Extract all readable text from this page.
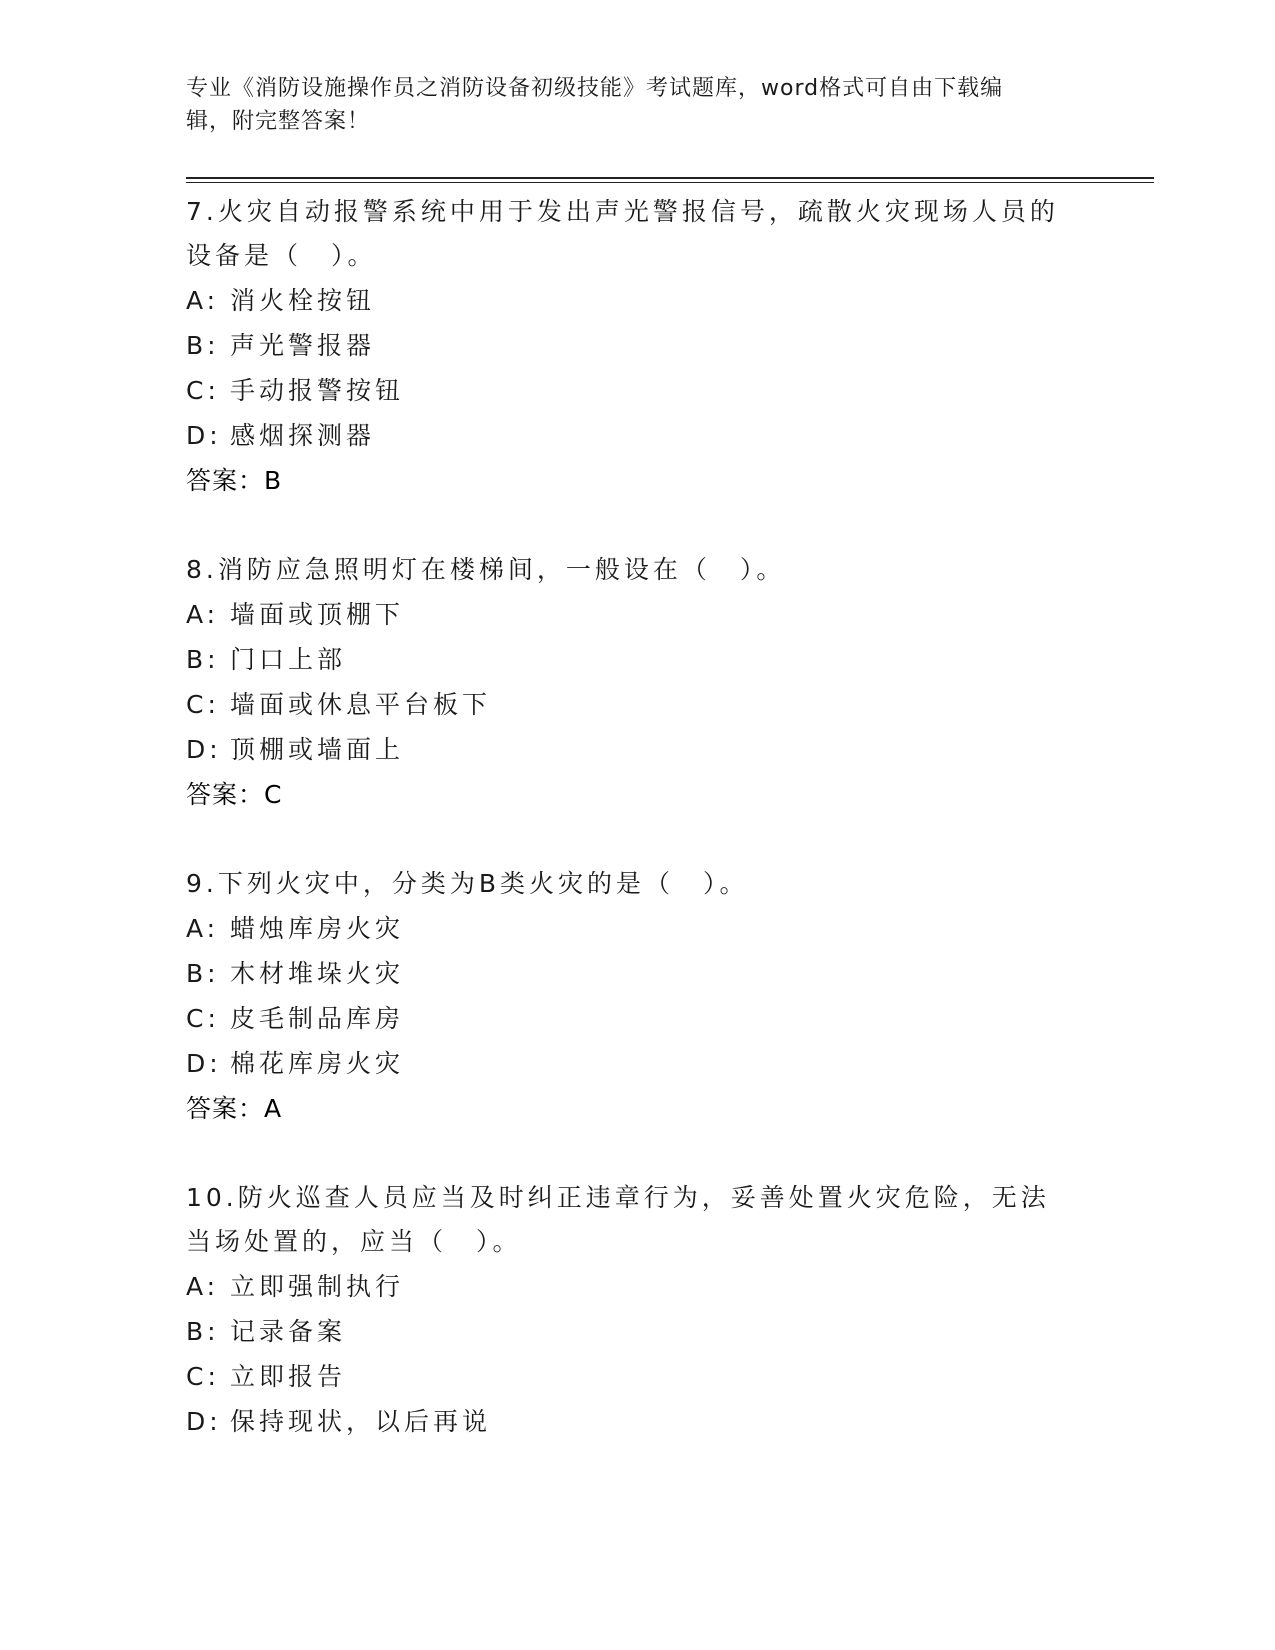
专业《消防设施操作员之消防设备初级技能》考试题库，word格式可自由下载编
辑，附完整答案！
7.火灾自动报警系统中用于发出声光警报信号，疏散火灾现场人员的设备是（　）。
A: 消火栓按钮
B: 声光警报器
C: 手动报警按钮
D: 感烟探测器
答案：B
8.消防应急照明灯在楼梯间，一般设在（　）。
A: 墙面或顶棚下
B: 门口上部
C: 墙面或休息平台板下
D: 顶棚或墙面上
答案：C
9.下列火灾中，分类为B类火灾的是（　）。
A: 蜡烛库房火灾
B: 木材堆垛火灾
C: 皮毛制品库房
D: 棉花库房火灾
答案：A
10.防火巡查人员应当及时纠正违章行为，妥善处置火灾危险，无法当场处置的，应当（　）。
A: 立即强制执行
B: 记录备案
C: 立即报告
D: 保持现状，以后再说
